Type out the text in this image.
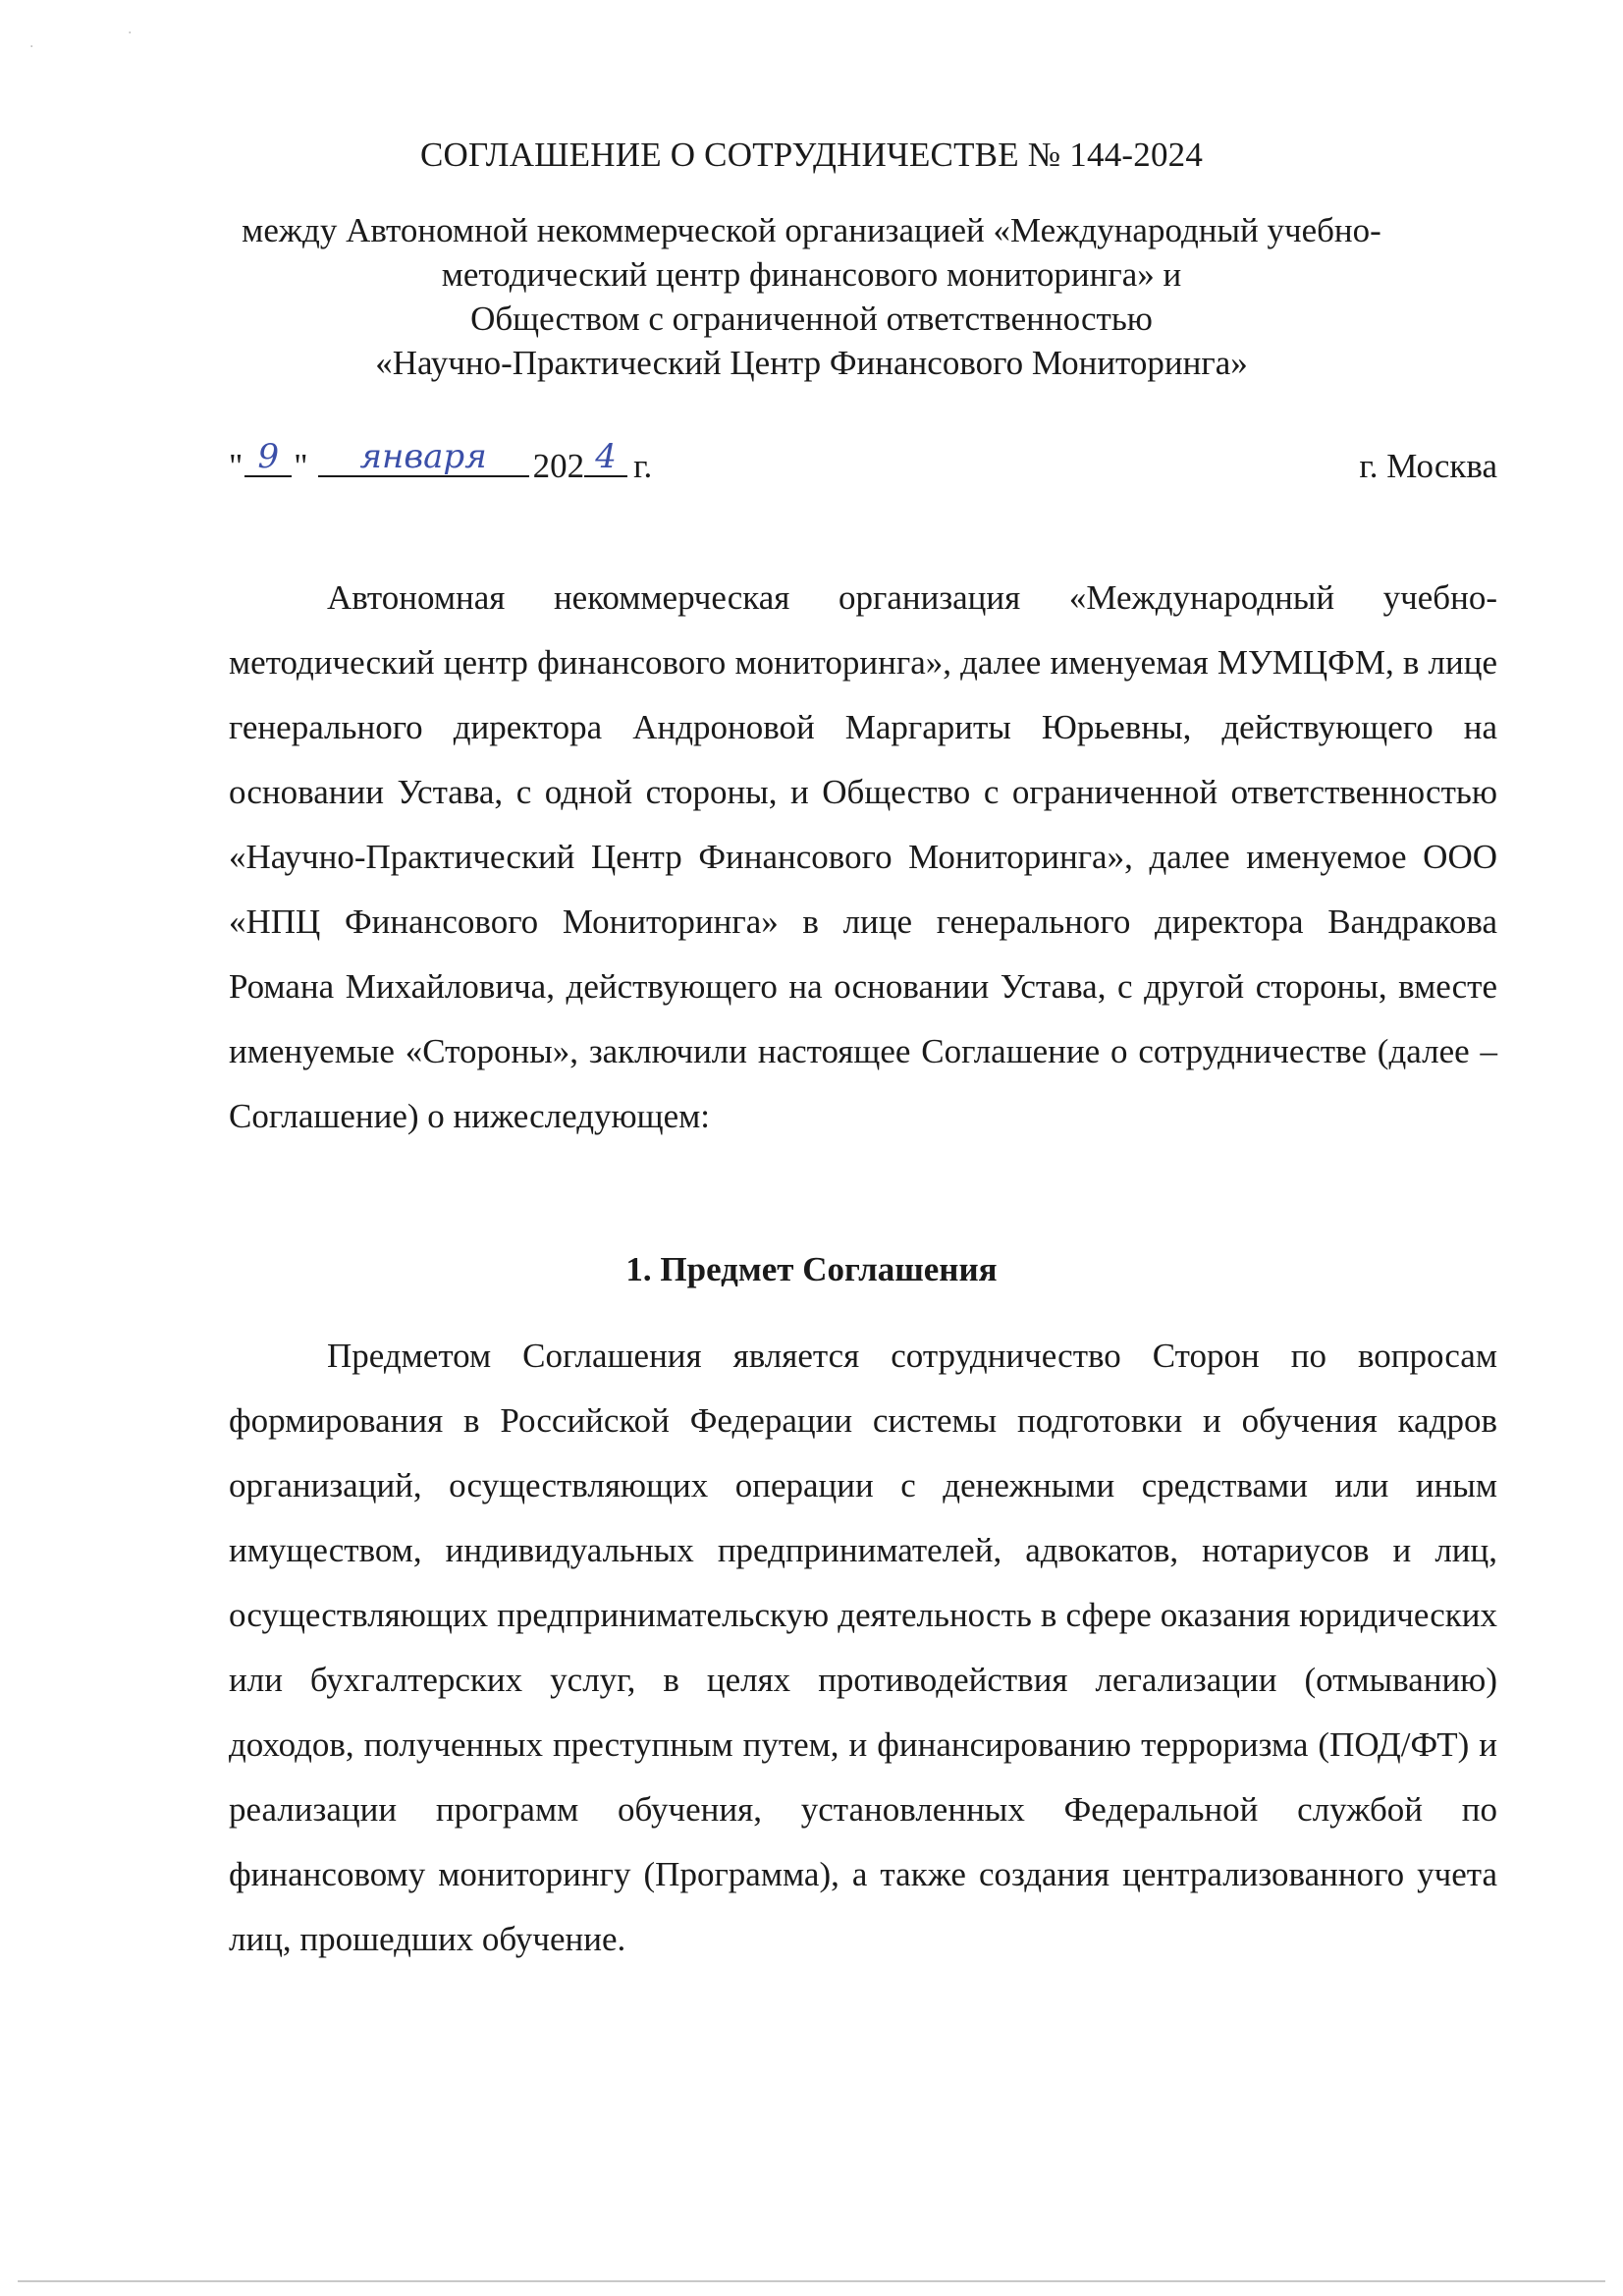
·
·
СОГЛАШЕНИЕ О СОТРУДНИЧЕСТВЕ № 144-2024
между Автономной некоммерческой организацией «Международный учебно-
методический центр финансового мониторинга» и
Обществом с ограниченной ответственностью
«Научно-Практический Центр Финансового Мониторинга»
" 9 "	января	202 4 г.	г. Москва
Автономная некоммерческая организация «Международный учебно-методический центр финансового мониторинга», далее именуемая МУМЦФМ, в лице генерального директора Андроновой Маргариты Юрьевны, действующего на основании Устава, с одной стороны, и Общество с ограниченной ответственностью «Научно-Практический Центр Финансового Мониторинга», далее именуемое ООО «НПЦ Финансового Мониторинга» в лице генерального директора Вандракова Романа Михайловича, действующего на основании Устава, с другой стороны, вместе именуемые «Стороны», заключили настоящее Соглашение о сотрудничестве (далее – Соглашение) о нижеследующем:
1. Предмет Соглашения
Предметом Соглашения является сотрудничество Сторон по вопросам формирования в Российской Федерации системы подготовки и обучения кадров организаций, осуществляющих операции с денежными средствами или иным имуществом, индивидуальных предпринимателей, адвокатов, нотариусов и лиц, осуществляющих предпринимательскую деятельность в сфере оказания юридических или бухгалтерских услуг, в целях противодействия легализации (отмыванию) доходов, полученных преступным путем, и финансированию терроризма (ПОД/ФТ) и реализации программ обучения, установленных Федеральной службой по финансовому мониторингу (Программа), а также создания централизованного учета лиц, прошедших обучение.
